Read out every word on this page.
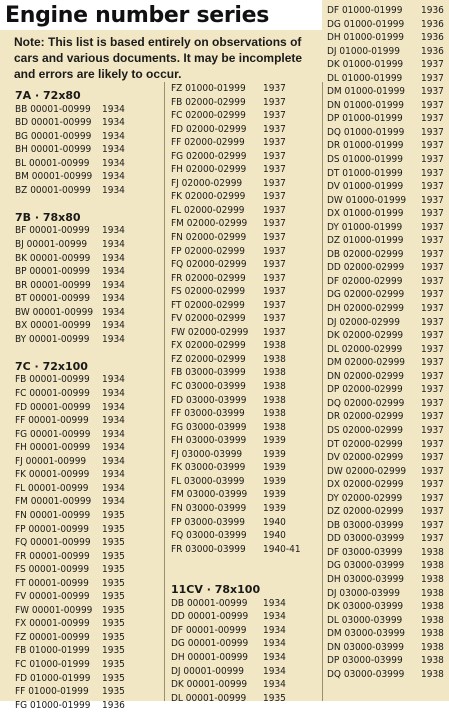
Engine number series

Note: This list is based entirely on observations of cars and various documents. It may be incomplete and errors are likely to occur.

7A · 72x80
BB 00001-00999 1934
BD 00001-00999 1934
BG 00001-00999 1934
BH 00001-00999 1934
BL 00001-00999 1934
BM 00001-00999 1934
BZ 00001-00999 1934
7B · 78x80
BF 00001-00999 1934
BJ 00001-00999 1934
BK 00001-00999 1934
BP 00001-00999 1934
BR 00001-00999 1934
BT 00001-00999 1934
BW 00001-00999 1934
BX 00001-00999 1934
BY 00001-00999 1934
7C · 72x100
FB 00001-00999 1934
FC 00001-00999 1934
FD 00001-00999 1934
FF 00001-00999 1934
FG 00001-00999 1934
FH 00001-00999 1934
FJ 00001-00999 1934
FK 00001-00999 1934
FL 00001-00999 1934
FM 00001-00999 1934
FN 00001-00999 1935
FP 00001-00999 1935
FQ 00001-00999 1935
FR 00001-00999 1935
FS 00001-00999 1935
FT 00001-00999 1935
FV 00001-00999 1935
FW 00001-00999 1935
FX 00001-00999 1935
FZ 00001-00999 1935
FB 01000-01999 1935
FC 01000-01999 1935
FD 01000-01999 1935
FF 01000-01999 1935
FG 01000-01999 1936
FZ 01000-01999 1937
FB 02000-02999 1937
FC 02000-02999 1937
FD 02000-02999 1937
FF 02000-02999 1937
FG 02000-02999 1937
FH 02000-02999 1937
FJ 02000-02999 1937
FK 02000-02999 1937
FL 02000-02999 1937
FM 02000-02999 1937
FN 02000-02999 1937
FP 02000-02999 1937
FQ 02000-02999 1937
FR 02000-02999 1937
FS 02000-02999 1937
FT 02000-02999 1937
FV 02000-02999 1937
FW 02000-02999 1937
FX 02000-02999 1938
FZ 02000-02999 1938
FB 03000-03999 1938
FC 03000-03999 1938
FD 03000-03999 1938
FF 03000-03999 1938
FG 03000-03999 1938
FH 03000-03999 1939
FJ 03000-03999 1939
FK 03000-03999 1939
FL 03000-03999 1939
FM 03000-03999 1939
FN 03000-03999 1939
FP 03000-03999 1940
FQ 03000-03999 1940
FR 03000-03999 1940-41
11CV · 78x100
DB 00001-00999 1934
DD 00001-00999 1934
DF 00001-00999 1934
DG 00001-00999 1934
DH 00001-00999 1934
DJ 00001-00999 1934
DK 00001-00999 1934
DL 00001-00999 1935
DF 01000-01999 1936
DG 01000-01999 1936
DH 01000-01999 1936
DJ 01000-01999 1936
DK 01000-01999 1937
DL 01000-01999 1937
DM 01000-01999 1937
DN 01000-01999 1937
DP 01000-01999 1937
DQ 01000-01999 1937
DR 01000-01999 1937
DS 01000-01999 1937
DT 01000-01999 1937
DV 01000-01999 1937
DW 01000-01999 1937
DX 01000-01999 1937
DY 01000-01999 1937
DZ 01000-01999 1937
DB 02000-02999 1937
DD 02000-02999 1937
DF 02000-02999 1937
DG 02000-02999 1937
DH 02000-02999 1937
DJ 02000-02999 1937
DK 02000-02999 1937
DL 02000-02999 1937
DM 02000-02999 1937
DN 02000-02999 1937
DP 02000-02999 1937
DQ 02000-02999 1937
DR 02000-02999 1937
DS 02000-02999 1937
DT 02000-02999 1937
DV 02000-02999 1937
DW 02000-02999 1937
DX 02000-02999 1937
DY 02000-02999 1937
DZ 02000-02999 1937
DB 03000-03999 1937
DD 03000-03999 1937
DF 03000-03999 1938
DG 03000-03999 1938
DH 03000-03999 1938
DJ 03000-03999 1938
DK 03000-03999 1938
DL 03000-03999 1938
DM 03000-03999 1938
DN 03000-03999 1938
DP 03000-03999 1938
DQ 03000-03999 1938
